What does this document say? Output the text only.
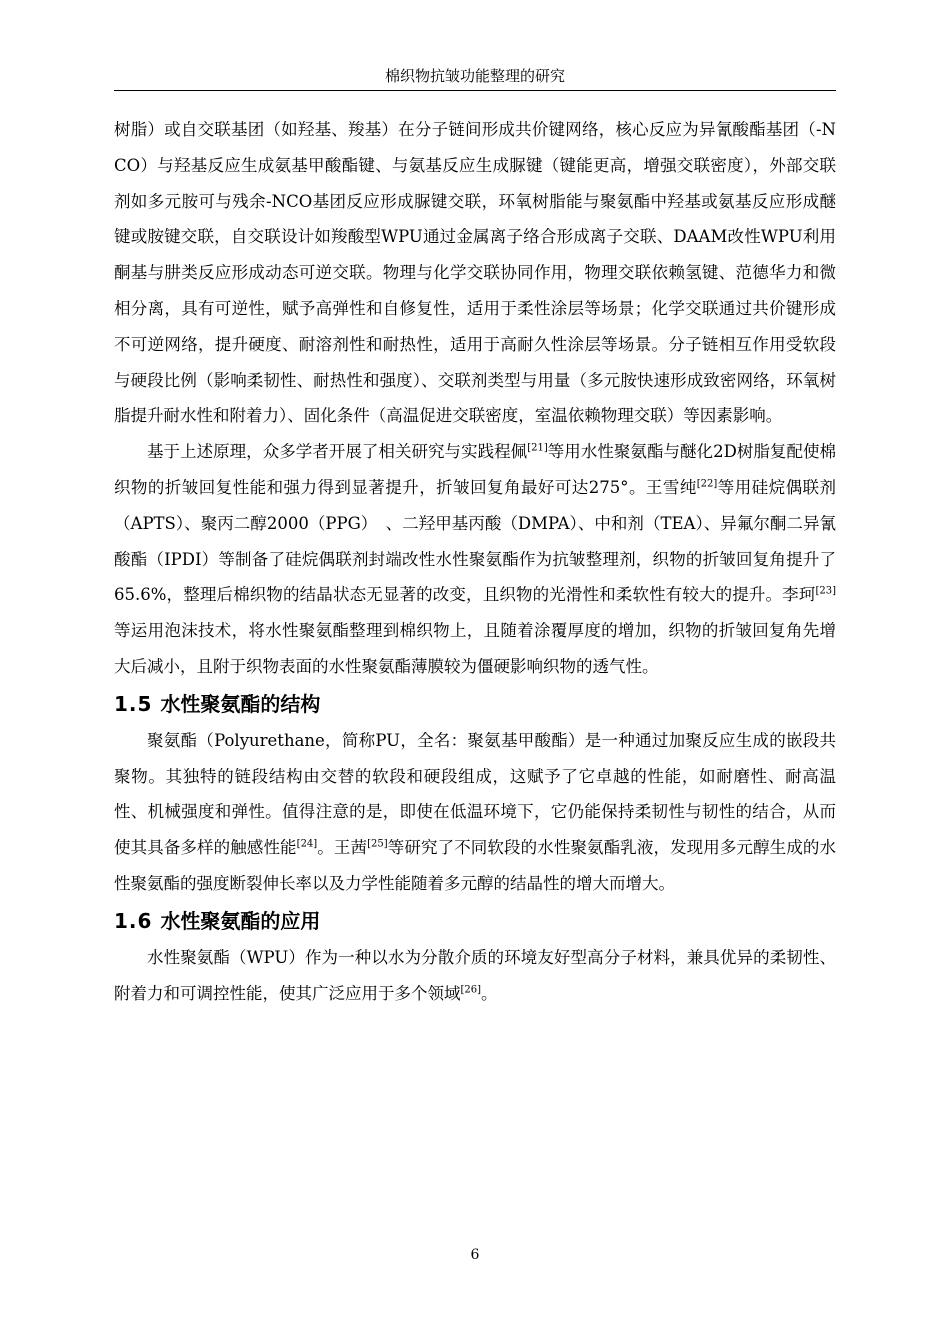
棉织物抗皱功能整理的研究

树脂）或自交联基团（如羟基、羧基）在分子链间形成共价键网络，核心反应为异氰酸酯基团（-NCO）与羟基反应生成氨基甲酸酯键、与氨基反应生成脲键（键能更高，增强交联密度），外部交联剂如多元胺可与残余-NCO基团反应形成脲键交联，环氧树脂能与聚氨酯中羟基或氨基反应形成醚键或胺键交联，自交联设计如羧酸型WPU通过金属离子络合形成离子交联、DAAM改性WPU利用酮基与肼类反应形成动态可逆交联。物理与化学交联协同作用，物理交联依赖氢键、范德华力和微相分离，具有可逆性，赋予高弹性和自修复性，适用于柔性涂层等场景；化学交联通过共价键形成不可逆网络，提升硬度、耐溶剂性和耐热性，适用于高耐久性涂层等场景。分子链相互作用受软段与硬段比例（影响柔韧性、耐热性和强度）、交联剂类型与用量（多元胺快速形成致密网络，环氧树脂提升耐水性和附着力）、固化条件（高温促进交联密度，室温依赖物理交联）等因素影响。

基于上述原理，众多学者开展了相关研究与实践程佩[21]等用水性聚氨酯与醚化2D树脂复配使棉织物的折皱回复性能和强力得到显著提升，折皱回复角最好可达275°。王雪纯[22]等用硅烷偶联剂（APTS）、聚丙二醇2000（PPG）　、二羟甲基丙酸（DMPA）、中和剂（TEA）、异氟尔酮二异氰酸酯（IPDI）等制备了硅烷偶联剂封端改性水性聚氨酯作为抗皱整理剂，织物的折皱回复角提升了65.6%，整理后棉织物的结晶状态无显著的改变，且织物的光滑性和柔软性有较大的提升。李珂[23]等运用泡沫技术，将水性聚氨酯整理到棉织物上，且随着涂覆厚度的增加，织物的折皱回复角先增大后减小，且附于织物表面的水性聚氨酯薄膜较为僵硬影响织物的透气性。

1.5 水性聚氨酯的结构

聚氨酯（Polyurethane，简称PU，全名：聚氨基甲酸酯）是一种通过加聚反应生成的嵌段共聚物。其独特的链段结构由交替的软段和硬段组成，这赋予了它卓越的性能，如耐磨性、耐高温性、机械强度和弹性。值得注意的是，即使在低温环境下，它仍能保持柔韧性与韧性的结合，从而使其具备多样的触感性能[24]。王茜[25]等研究了不同软段的水性聚氨酯乳液，发现用多元醇生成的水性聚氨酯的强度断裂伸长率以及力学性能随着多元醇的结晶性的增大而增大。

1.6 水性聚氨酯的应用

水性聚氨酯（WPU）作为一种以水为分散介质的环境友好型高分子材料，兼具优异的柔韧性、附着力和可调控性能，使其广泛应用于多个领域[26]。

6
